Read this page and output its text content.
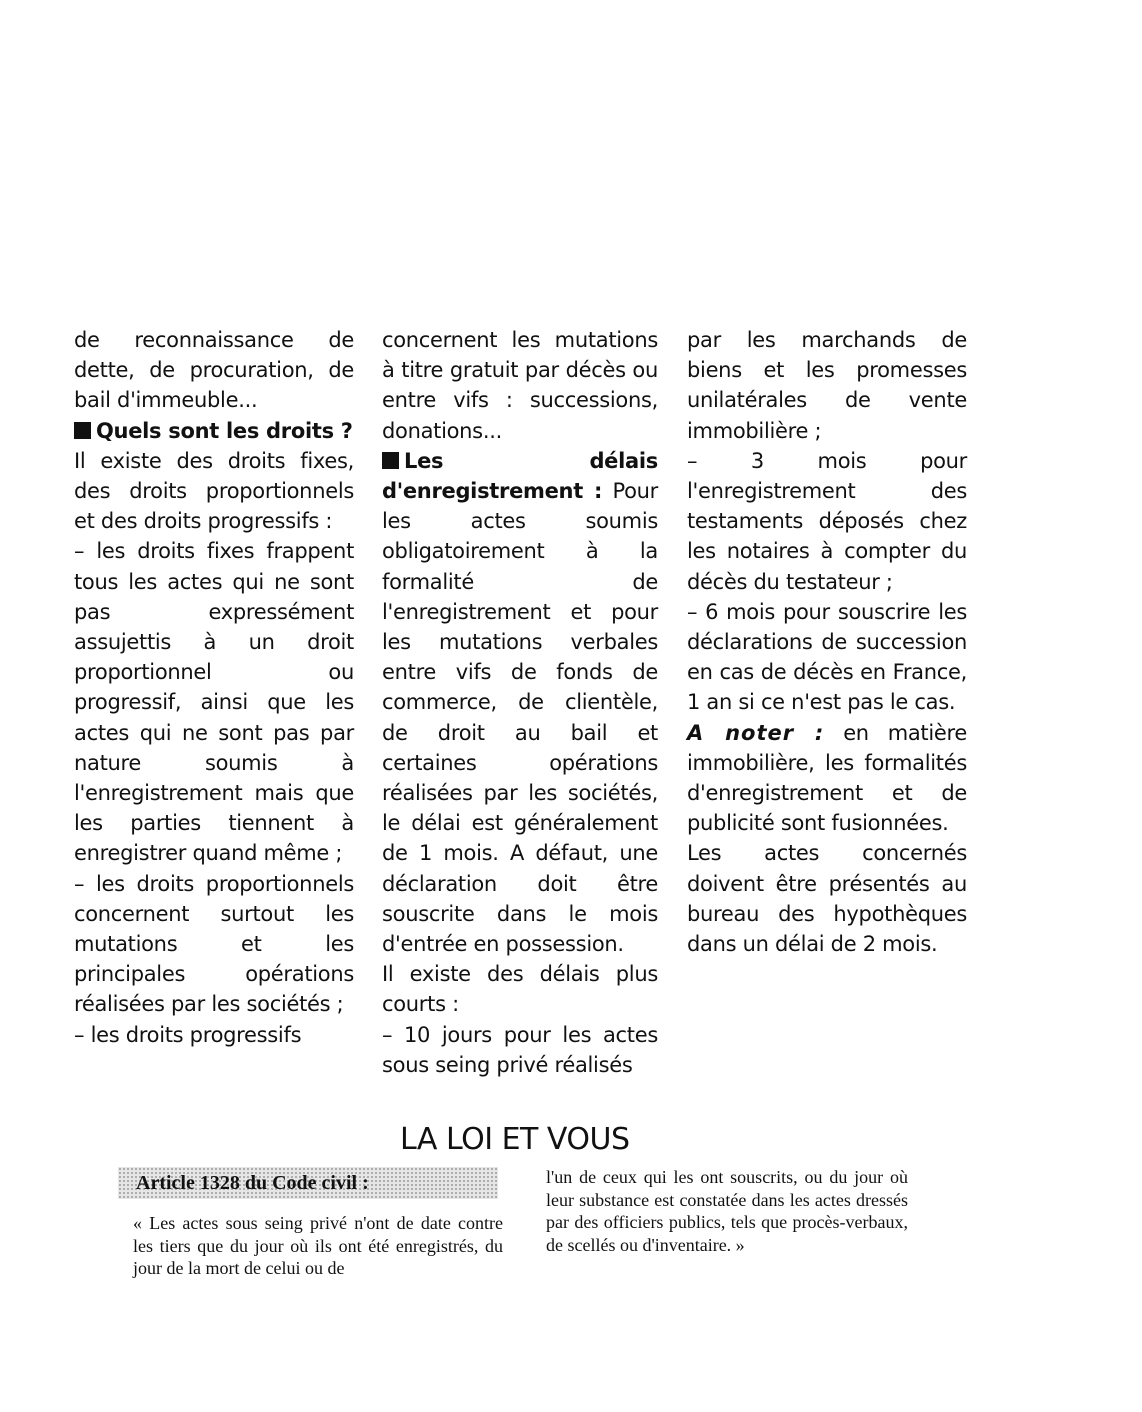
de reconnaissance de dette, de procuration, de bail d'immeuble...

Quels sont les droits ?

Il existe des droits fixes, des droits proportionnels et des droits progressifs :

– les droits fixes frappent tous les actes qui ne sont pas expressément assujettis à un droit proportionnel ou progressif, ainsi que les actes qui ne sont pas par nature soumis à l'enregistrement mais que les parties tiennent à enregistrer quand même ;

– les droits proportionnels concernent surtout les mutations et les principales opérations réalisées par les sociétés ;

– les droits progressifs

concernent les mutations à titre gratuit par décès ou entre vifs : successions, donations...

Les délais d'enregistrement : Pour les actes soumis obligatoirement à la formalité de l'enregistrement et pour les mutations verbales entre vifs de fonds de commerce, de clientèle, de droit au bail et certaines opérations réalisées par les sociétés, le délai est généralement de 1 mois. A défaut, une déclaration doit être souscrite dans le mois d'entrée en possession.

Il existe des délais plus courts :

– 10 jours pour les actes sous seing privé réalisés

par les marchands de biens et les promesses unilatérales de vente immobilière ;

– 3 mois pour l'enregistrement des testaments déposés chez les notaires à compter du décès du testateur ;

– 6 mois pour souscrire les déclarations de succession en cas de décès en France, 1 an si ce n'est pas le cas.

A noter : en matière immobilière, les formalités d'enregistrement et de publicité sont fusionnées.

Les actes concernés doivent être présentés au bureau des hypothèques dans un délai de 2 mois.

LA LOI ET VOUS
Article 1328 du Code civil :

« Les actes sous seing privé n'ont de date contre les tiers que du jour où ils ont été enregistrés, du jour de la mort de celui ou de

l'un de ceux qui les ont souscrits, ou du jour où leur substance est constatée dans les actes dressés par des officiers publics, tels que procès-verbaux, de scellés ou d'inventaire. »
